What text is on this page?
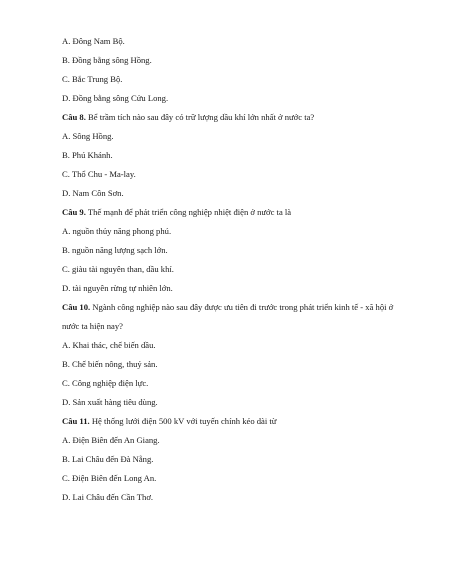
A. Đông Nam Bộ.
B. Đồng bằng sông Hồng.
C. Bắc Trung Bộ.
D. Đồng bằng sông Cửu Long.
Câu 8. Bể trầm tích nào sau đây có trữ lượng dầu khí lớn nhất ở nước ta?
A. Sông Hồng.
B. Phú Khánh.
C. Thổ Chu - Ma-lay.
D. Nam Côn Sơn.
Câu 9. Thế mạnh để phát triển công nghiệp nhiệt điện ở nước ta là
A. nguồn thủy năng phong phú.
B. nguồn năng lượng sạch lớn.
C. giàu tài nguyên than, dầu khí.
D. tài nguyên rừng tự nhiên lớn.
Câu 10. Ngành công nghiệp nào sau đây được ưu tiên đi trước trong phát triển kinh tế - xã hội ở
nước ta hiện nay?
A. Khai thác, chế biến dầu.
B. Chế biến nông, thuỷ sản.
C. Công nghiệp điện lực.
D. Sản xuất hàng tiêu dùng.
Câu 11. Hệ thống lưới điện 500 kV với tuyến chính kéo dài từ
A. Điện Biên đến An Giang.
B. Lai Châu đến Đà Nẵng.
C. Điện Biên đến Long An.
D. Lai Châu đến Cần Thơ.
